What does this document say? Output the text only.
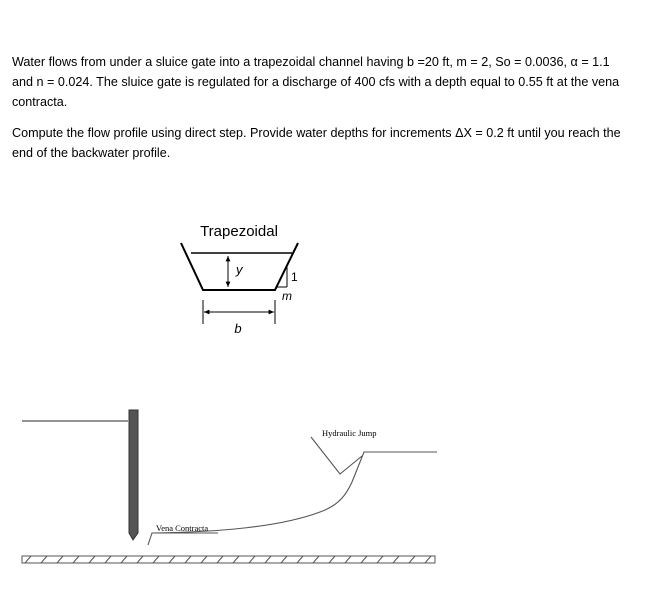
Water flows from under a sluice gate into a trapezoidal channel having b =20 ft, m = 2, So = 0.0036, α = 1.1 and n = 0.024. The sluice gate is regulated for a discharge of 400 cfs with a depth equal to 0.55 ft at the vena contracta.

Compute the flow profile using direct step. Provide water depths for increments ΔX = 0.2 ft until you reach the end of the backwater profile.

Trapezoidal
y	1
m
b
Hydraulic Jump
Vena Contracta
